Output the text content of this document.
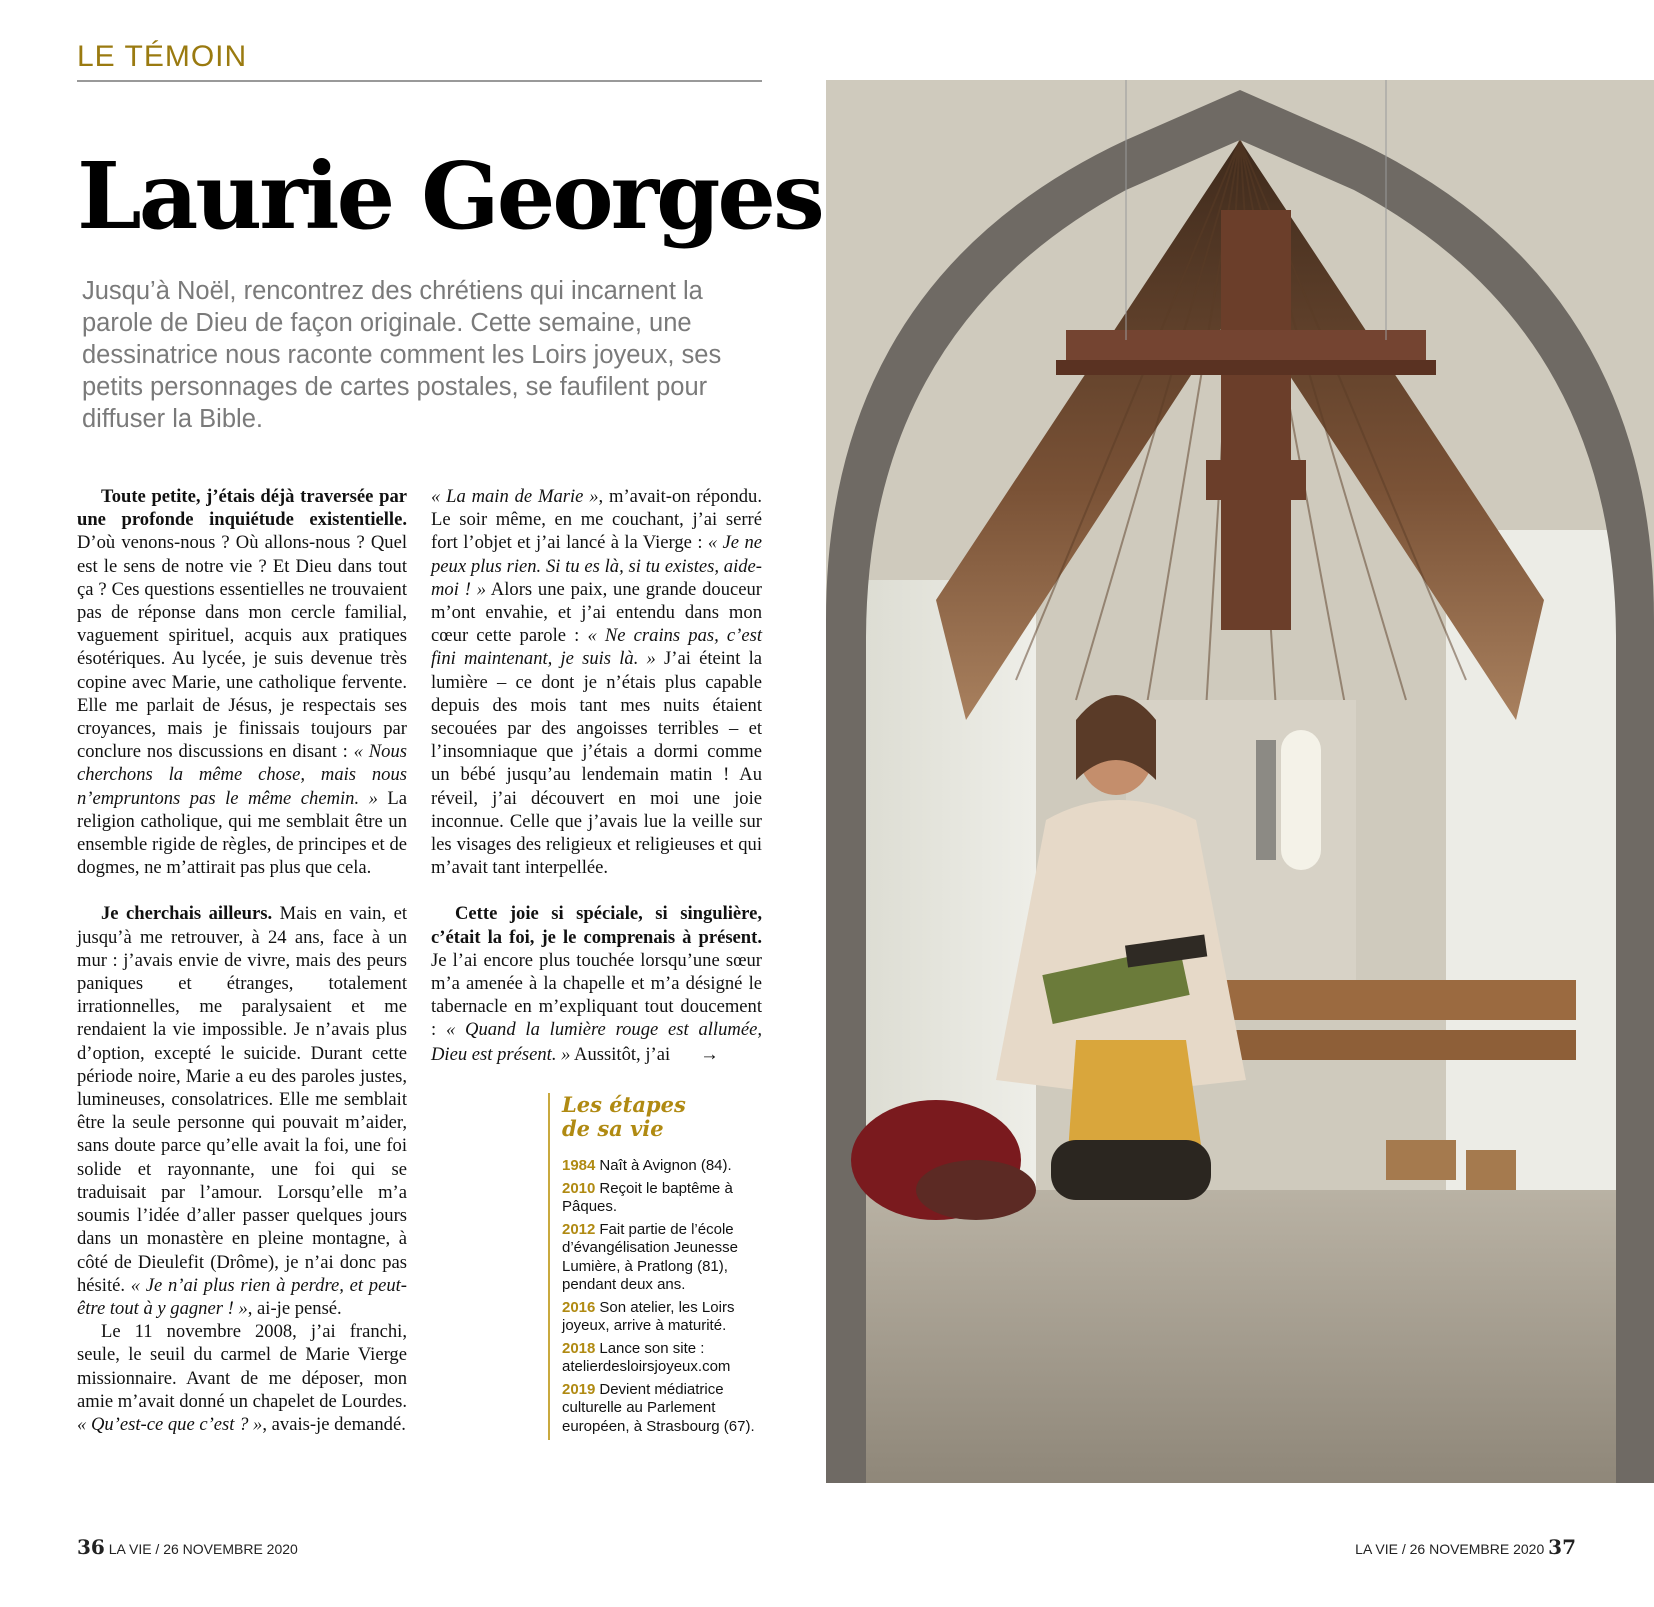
LE TÉMOIN
Laurie Georges

Jusqu’à Noël, rencontrez des chrétiens qui incarnent la parole de Dieu de façon originale. Cette semaine, une dessinatrice nous raconte comment les Loirs joyeux, ses petits personnages de cartes postales, se faufilent pour diffuser la Bible.

Toute petite, j’étais déjà traversée par une profonde inquiétude existentielle. D’où venons-nous ? Où allons-nous ? Quel est le sens de notre vie ? Et Dieu dans tout ça ? Ces questions essentielles ne trouvaient pas de réponse dans mon cercle familial, vaguement spirituel, acquis aux pratiques ésotériques. Au lycée, je suis devenue très copine avec Marie, une catholique fervente. Elle me parlait de Jésus, je respectais ses croyances, mais je finissais toujours par conclure nos discussions en disant : « Nous cherchons la même chose, mais nous n’empruntons pas le même chemin. » La religion catholique, qui me semblait être un ensemble rigide de règles, de principes et de dogmes, ne m’attirait pas plus que cela.

Je cherchais ailleurs. Mais en vain, et jusqu’à me retrouver, à 24 ans, face à un mur : j’avais envie de vivre, mais des peurs paniques et étranges, totalement irrationnelles, me paralysaient et me rendaient la vie impossible. Je n’avais plus d’option, excepté le suicide. Durant cette période noire, Marie a eu des paroles justes, lumineuses, consolatrices. Elle me semblait être la seule personne qui pouvait m’aider, sans doute parce qu’elle avait la foi, une foi solide et rayonnante, une foi qui se traduisait par l’amour. Lorsqu’elle m’a soumis l’idée d’aller passer quelques jours dans un monastère en pleine montagne, à côté de Dieulefit (Drôme), je n’ai donc pas hésité. « Je n’ai plus rien à perdre, et peut-être tout à y gagner ! », ai-je pensé.

Le 11 novembre 2008, j’ai franchi, seule, le seuil du carmel de Marie Vierge missionnaire. Avant de me déposer, mon amie m’avait donné un chapelet de Lourdes. « Qu’est-ce que c’est ? », avais-je demandé.

« La main de Marie », m’avait-on répondu. Le soir même, en me couchant, j’ai serré fort l’objet et j’ai lancé à la Vierge : « Je ne peux plus rien. Si tu es là, si tu existes, aide-moi ! » Alors une paix, une grande douceur m’ont envahie, et j’ai entendu dans mon cœur cette parole : « Ne crains pas, c’est fini maintenant, je suis là. » J’ai éteint la lumière – ce dont je n’étais plus capable depuis des mois tant mes nuits étaient secouées par des angoisses terribles – et l’insomniaque que j’étais a dormi comme un bébé jusqu’au lendemain matin ! Au réveil, j’ai découvert en moi une joie inconnue. Celle que j’avais lue la veille sur les visages des religieux et religieuses et qui m’avait tant interpellée.

Cette joie si spéciale, si singulière, c’était la foi, je le comprenais à présent. Je l’ai encore plus touchée lorsqu’une sœur m’a amenée à la chapelle et m’a désigné le tabernacle en m’expliquant tout doucement : « Quand la lumière rouge est allumée, Dieu est présent. » Aussitôt, j’ai →

Les étapes
de sa vie
1984 Naît à Avignon (84).
2010 Reçoit le baptême à Pâques.
2012 Fait partie de l’école d’évangélisation Jeunesse Lumière, à Pratlong (81), pendant deux ans.
2016 Son atelier, les Loirs joyeux, arrive à maturité.
2018 Lance son site : atelierdesloirsjoyeux.com
2019 Devient médiatrice culturelle au Parlement européen, à Strasbourg (67).
36 LA VIE / 26 NOVEMBRE 2020	LA VIE / 26 NOVEMBRE 2020 37
